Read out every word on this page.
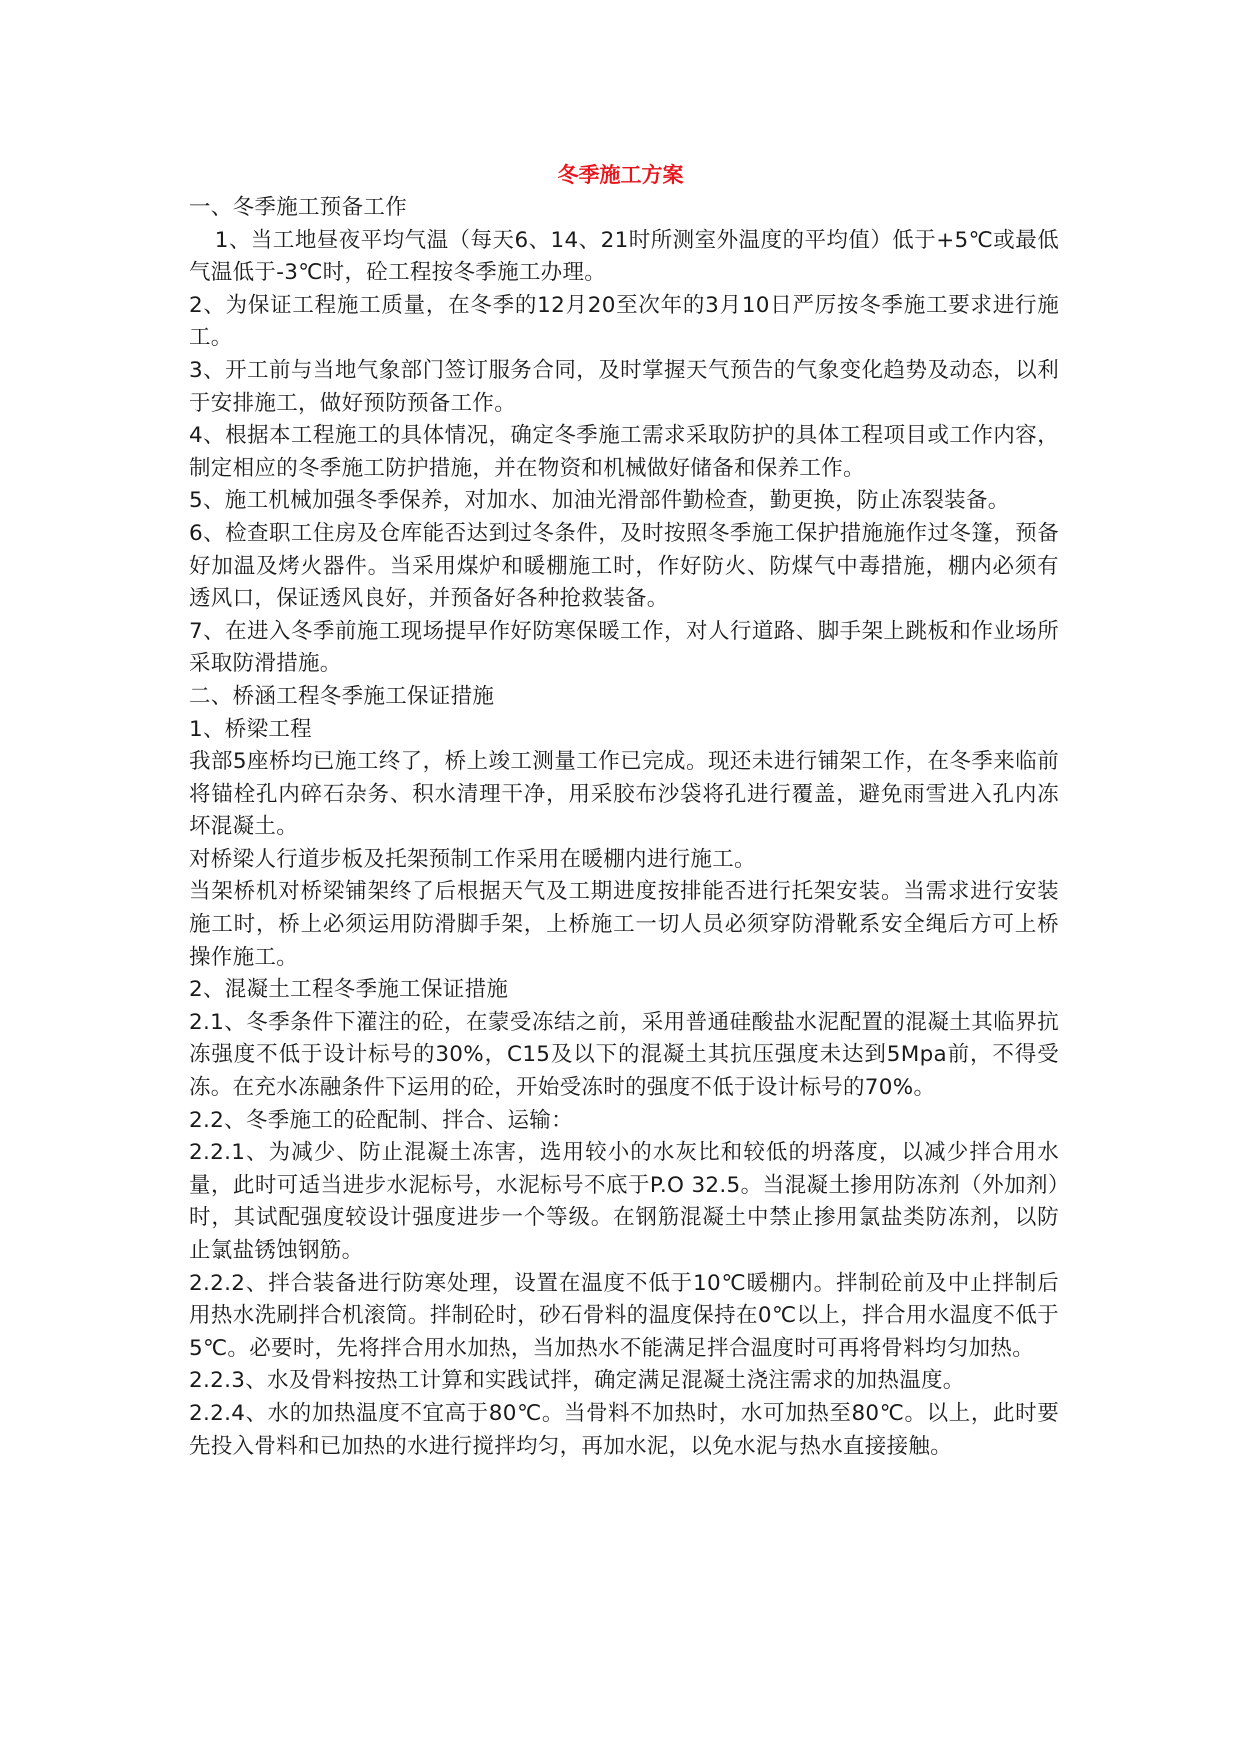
冬季施工方案

一、冬季施工预备工作

1、当工地昼夜平均气温（每天6、14、21时所测室外温度的平均值）低于+5℃或最低气温低于-3℃时，砼工程按冬季施工办理。

2、为保证工程施工质量，在冬季的12月20至次年的3月10日严厉按冬季施工要求进行施工。

3、开工前与当地气象部门签订服务合同，及时掌握天气预告的气象变化趋势及动态，以利于安排施工，做好预防预备工作。

4、根据本工程施工的具体情况，确定冬季施工需求采取防护的具体工程项目或工作内容，制定相应的冬季施工防护措施，并在物资和机械做好储备和保养工作。

5、施工机械加强冬季保养，对加水、加油光滑部件勤检查，勤更换，防止冻裂装备。

6、检查职工住房及仓库能否达到过冬条件，及时按照冬季施工保护措施施作过冬篷，预备好加温及烤火器件。当采用煤炉和暖棚施工时，作好防火、防煤气中毒措施，棚内必须有透风口，保证透风良好，并预备好各种抢救装备。

7、在进入冬季前施工现场提早作好防寒保暖工作，对人行道路、脚手架上跳板和作业场所采取防滑措施。

二、桥涵工程冬季施工保证措施

1、桥梁工程

我部5座桥均已施工终了，桥上竣工测量工作已完成。现还未进行铺架工作，在冬季来临前将锚栓孔内碎石杂务、积水清理干净，用采胶布沙袋将孔进行覆盖，避免雨雪进入孔内冻坏混凝土。

对桥梁人行道步板及托架预制工作采用在暖棚内进行施工。

当架桥机对桥梁铺架终了后根据天气及工期进度按排能否进行托架安装。当需求进行安装施工时，桥上必须运用防滑脚手架，上桥施工一切人员必须穿防滑靴系安全绳后方可上桥操作施工。

2、混凝土工程冬季施工保证措施

2.1、冬季条件下灌注的砼，在蒙受冻结之前，采用普通硅酸盐水泥配置的混凝土其临界抗冻强度不低于设计标号的30%，C15及以下的混凝土其抗压强度未达到5Mpa前，不得受冻。在充水冻融条件下运用的砼，开始受冻时的强度不低于设计标号的70%。

2.2、冬季施工的砼配制、拌合、运输：

2.2.1、为减少、防止混凝土冻害，选用较小的水灰比和较低的坍落度，以减少拌合用水量，此时可适当进步水泥标号，水泥标号不底于P.O 32.5。当混凝土掺用防冻剂（外加剂）时，其试配强度较设计强度进步一个等级。在钢筋混凝土中禁止掺用氯盐类防冻剂，以防止氯盐锈蚀钢筋。

2.2.2、拌合装备进行防寒处理，设置在温度不低于10℃暖棚内。拌制砼前及中止拌制后用热水洗刷拌合机滚筒。拌制砼时，砂石骨料的温度保持在0℃以上，拌合用水温度不低于5℃。必要时，先将拌合用水加热，当加热水不能满足拌合温度时可再将骨料均匀加热。

2.2.3、水及骨料按热工计算和实践试拌，确定满足混凝土浇注需求的加热温度。

2.2.4、水的加热温度不宜高于80℃。当骨料不加热时，水可加热至80℃。以上，此时要先投入骨料和已加热的水进行搅拌均匀，再加水泥，以免水泥与热水直接接触。
